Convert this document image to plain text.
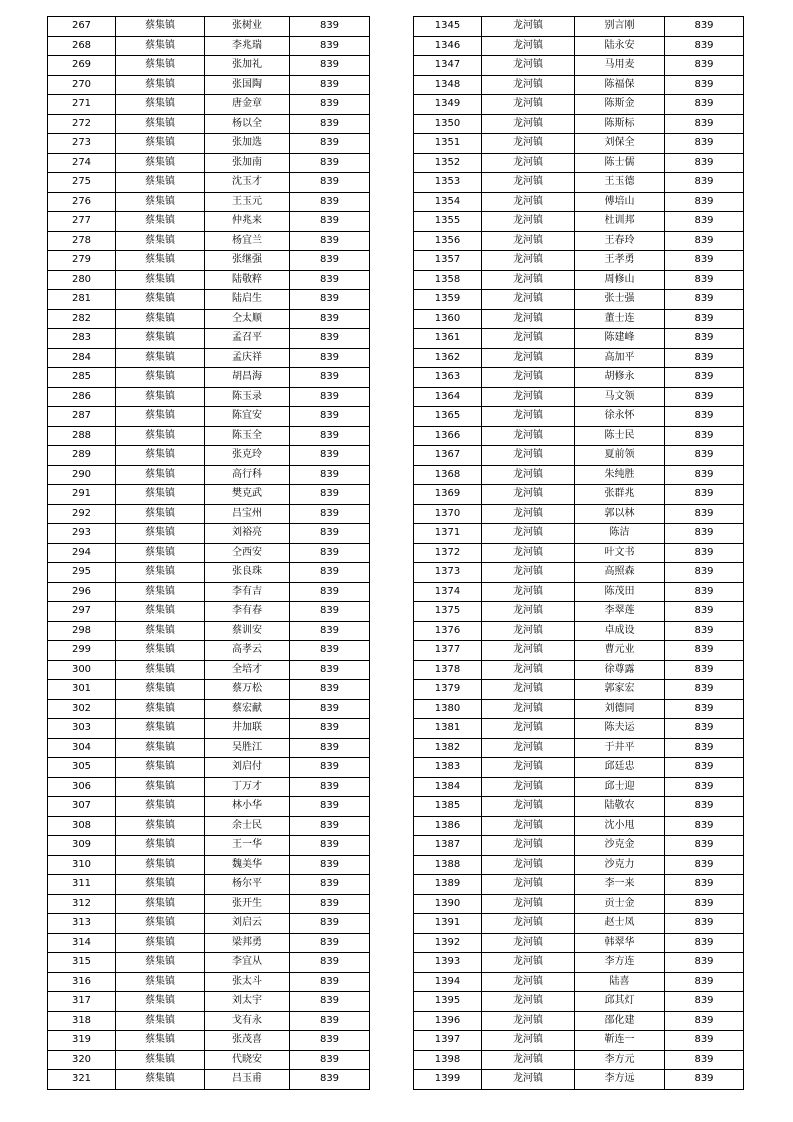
267	蔡集镇	张树业	839
268	蔡集镇	李兆瑞	839
269	蔡集镇	张加礼	839
270	蔡集镇	张国陶	839
271	蔡集镇	唐金章	839
272	蔡集镇	杨以全	839
273	蔡集镇	张加选	839
274	蔡集镇	张加南	839
275	蔡集镇	沈玉才	839
276	蔡集镇	王玉元	839
277	蔡集镇	仲兆来	839
278	蔡集镇	杨宜兰	839
279	蔡集镇	张继强	839
280	蔡集镇	陆敬粹	839
281	蔡集镇	陆启生	839
282	蔡集镇	仝太顺	839
283	蔡集镇	孟召平	839
284	蔡集镇	孟庆祥	839
285	蔡集镇	胡昌海	839
286	蔡集镇	陈玉录	839
287	蔡集镇	陈宜安	839
288	蔡集镇	陈玉全	839
289	蔡集镇	张克玲	839
290	蔡集镇	高行科	839
291	蔡集镇	樊克武	839
292	蔡集镇	吕宝州	839
293	蔡集镇	刘裕亮	839
294	蔡集镇	仝西安	839
295	蔡集镇	张良珠	839
296	蔡集镇	李有吉	839
297	蔡集镇	李有春	839
298	蔡集镇	蔡训安	839
299	蔡集镇	高孝云	839
300	蔡集镇	全培才	839
301	蔡集镇	蔡万松	839
302	蔡集镇	蔡宏献	839
303	蔡集镇	井加联	839
304	蔡集镇	吴胜江	839
305	蔡集镇	刘启付	839
306	蔡集镇	丁万才	839
307	蔡集镇	林小华	839
308	蔡集镇	余士民	839
309	蔡集镇	王一华	839
310	蔡集镇	魏美华	839
311	蔡集镇	杨尔平	839
312	蔡集镇	张开生	839
313	蔡集镇	刘启云	839
314	蔡集镇	梁邦勇	839
315	蔡集镇	李宜从	839
316	蔡集镇	张太斗	839
317	蔡集镇	刘太宇	839
318	蔡集镇	戈有永	839
319	蔡集镇	张茂喜	839
320	蔡集镇	代晓安	839
321	蔡集镇	吕玉甫	839
1345	龙河镇	别言刚	839
1346	龙河镇	陆永安	839
1347	龙河镇	马用麦	839
1348	龙河镇	陈福保	839
1349	龙河镇	陈斯金	839
1350	龙河镇	陈斯标	839
1351	龙河镇	刘保全	839
1352	龙河镇	陈士儒	839
1353	龙河镇	王玉德	839
1354	龙河镇	傅培山	839
1355	龙河镇	杜训邦	839
1356	龙河镇	王春玲	839
1357	龙河镇	王孝勇	839
1358	龙河镇	周修山	839
1359	龙河镇	张士强	839
1360	龙河镇	董士连	839
1361	龙河镇	陈建峰	839
1362	龙河镇	高加平	839
1363	龙河镇	胡修永	839
1364	龙河镇	马文领	839
1365	龙河镇	徐永怀	839
1366	龙河镇	陈士民	839
1367	龙河镇	夏前领	839
1368	龙河镇	朱纯胜	839
1369	龙河镇	张群兆	839
1370	龙河镇	郭以林	839
1371	龙河镇	陈洁	839
1372	龙河镇	叶文书	839
1373	龙河镇	高照森	839
1374	龙河镇	陈茂田	839
1375	龙河镇	李翠莲	839
1376	龙河镇	卓成设	839
1377	龙河镇	曹元业	839
1378	龙河镇	徐尊露	839
1379	龙河镇	郭家宏	839
1380	龙河镇	刘德同	839
1381	龙河镇	陈夫运	839
1382	龙河镇	于井平	839
1383	龙河镇	邱廷忠	839
1384	龙河镇	邱士迎	839
1385	龙河镇	陆敬农	839
1386	龙河镇	沈小甩	839
1387	龙河镇	沙克金	839
1388	龙河镇	沙克力	839
1389	龙河镇	李一来	839
1390	龙河镇	贡士金	839
1391	龙河镇	赵士凤	839
1392	龙河镇	韩翠华	839
1393	龙河镇	李方连	839
1394	龙河镇	陆喜	839
1395	龙河镇	邱其灯	839
1396	龙河镇	邵化建	839
1397	龙河镇	靳连一	839
1398	龙河镇	李方元	839
1399	龙河镇	李方远	839
